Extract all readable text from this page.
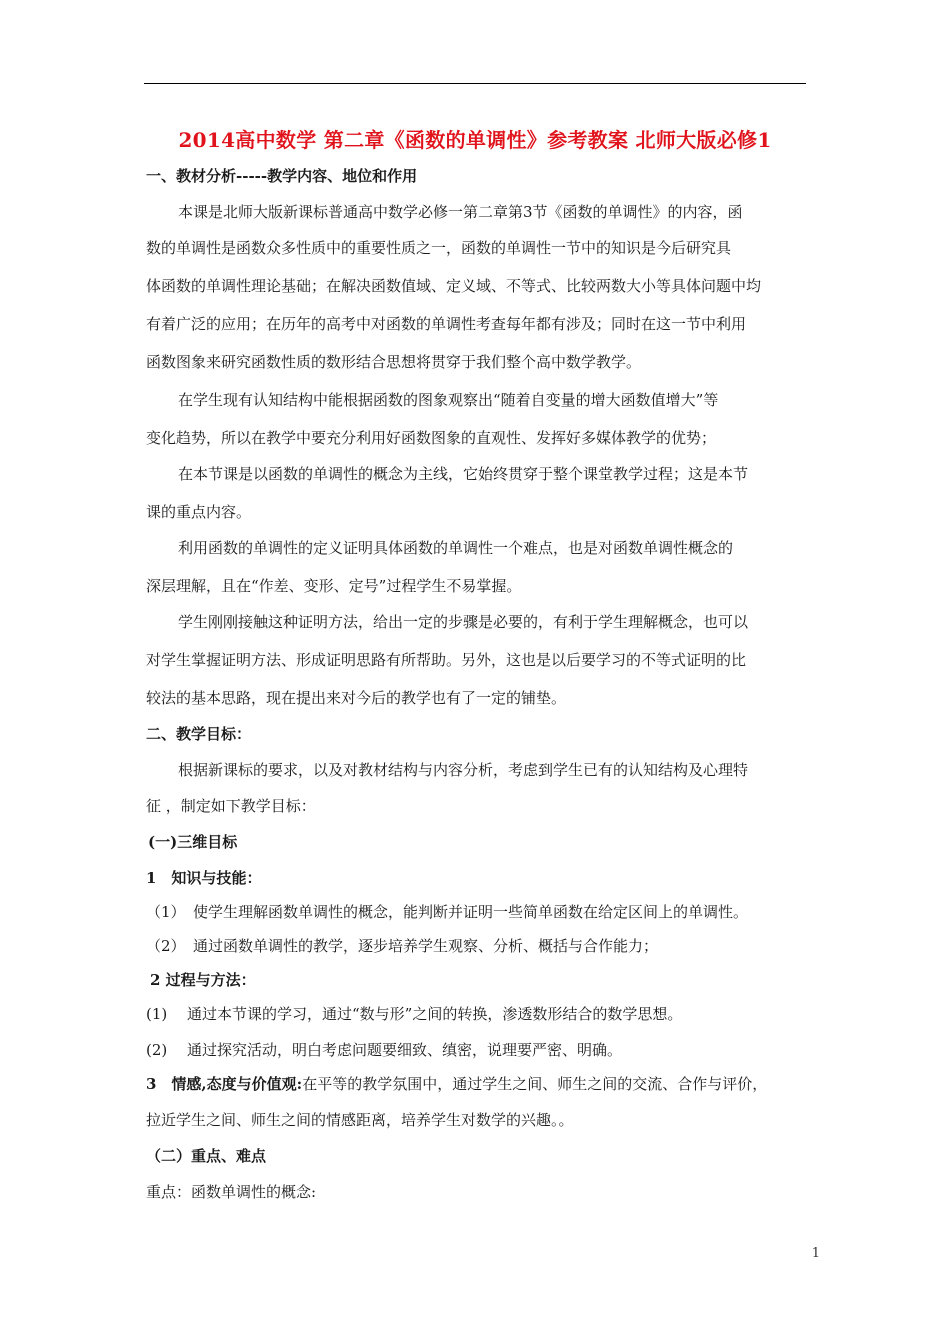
2014高中数学 第二章《函数的单调性》参考教案 北师大版必修1
一、教材分析-----教学内容、地位和作用
本课是北师大版新课标普通高中数学必修一第二章第3节《函数的单调性》的内容，函
数的单调性是函数众多性质中的重要性质之一，函数的单调性一节中的知识是今后研究具
体函数的单调性理论基础；在解决函数值域、定义域、不等式、比较两数大小等具体问题中均
有着广泛的应用；在历年的高考中对函数的单调性考查每年都有涉及；同时在这一节中利用
函数图象来研究函数性质的数形结合思想将贯穿于我们整个高中数学教学。
在学生现有认知结构中能根据函数的图象观察出“随着自变量的增大函数值增大”等
变化趋势，所以在教学中要充分利用好函数图象的直观性、发挥好多媒体教学的优势；
在本节课是以函数的单调性的概念为主线，它始终贯穿于整个课堂教学过程；这是本节
课的重点内容。
利用函数的单调性的定义证明具体函数的单调性一个难点，也是对函数单调性概念的
深层理解，且在“作差、变形、定号”过程学生不易掌握。
学生刚刚接触这种证明方法，给出一定的步骤是必要的，有利于学生理解概念，也可以
对学生掌握证明方法、形成证明思路有所帮助。另外，这也是以后要学习的不等式证明的比
较法的基本思路，现在提出来对今后的教学也有了一定的铺垫。
二、教学目标：
根据新课标的要求，以及对教材结构与内容分析，考虑到学生已有的认知结构及心理特
征 ，制定如下教学目标：
(一)三维目标
1　知识与技能：
（1）　使学生理解函数单调性的概念，能判断并证明一些简单函数在给定区间上的单调性。
（2）　通过函数单调性的教学，逐步培养学生观察、分析、概括与合作能力；
2 过程与方法：
(1)　 通过本节课的学习，通过“数与形”之间的转换，渗透数形结合的数学思想。
(2)　 通过探究活动，明白考虑问题要细致、缜密，说理要严密、明确。
3　情感,态度与价值观:在平等的教学氛围中，通过学生之间、师生之间的交流、合作与评价，
拉近学生之间、师生之间的情感距离，培养学生对数学的兴趣。。
（二）重点、难点
重点：函数单调性的概念:
1
